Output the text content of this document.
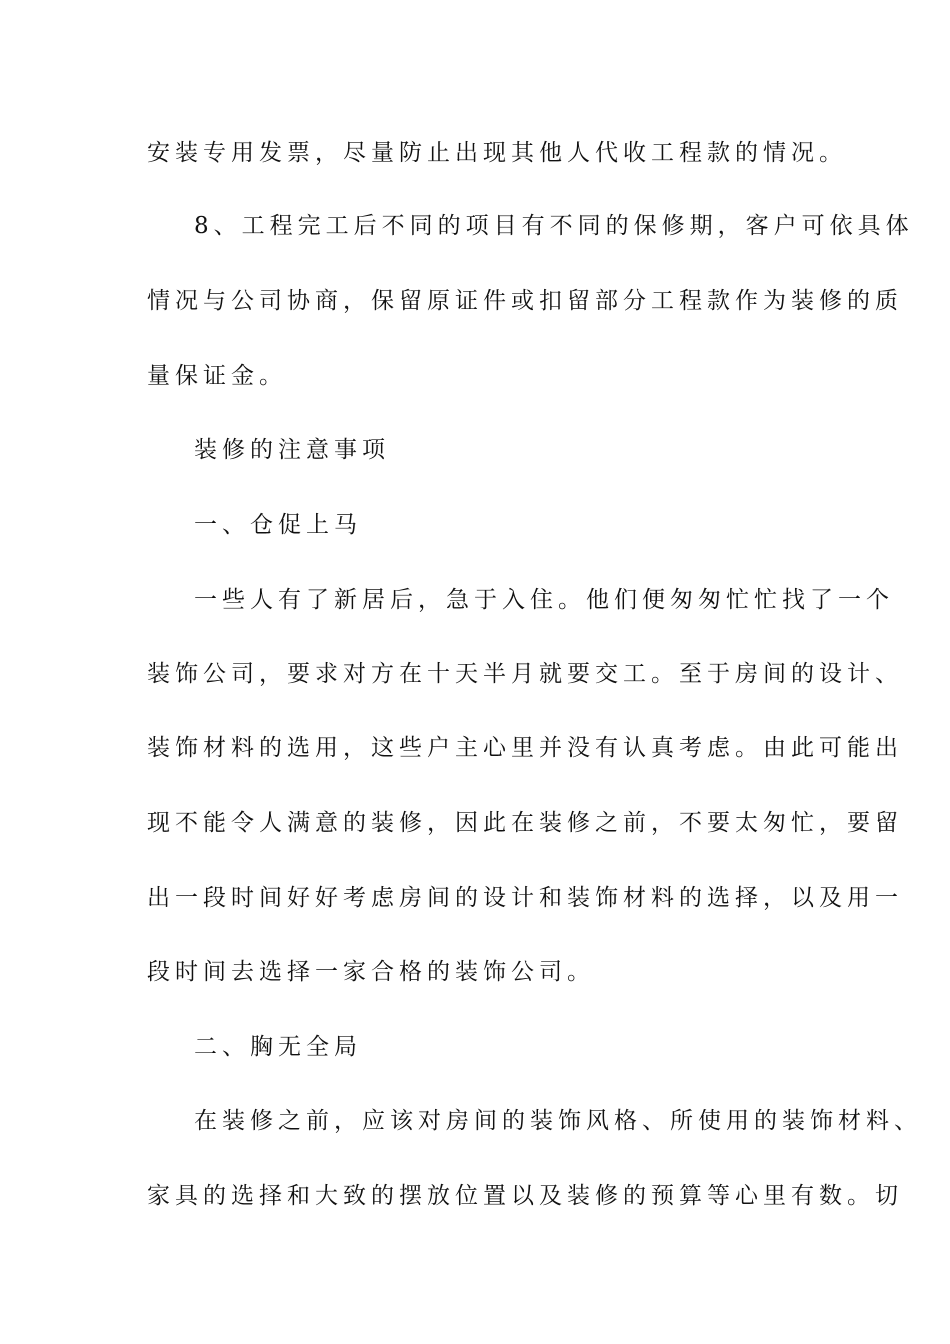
安装专用发票，尽量防止出现其他人代收工程款的情况。
8、工程完工后不同的项目有不同的保修期，客户可依具体
情况与公司协商，保留原证件或扣留部分工程款作为装修的质
量保证金。
装修的注意事项
一、仓促上马
一些人有了新居后，急于入住。他们便匆匆忙忙找了一个
装饰公司，要求对方在十天半月就要交工。至于房间的设计、
装饰材料的选用，这些户主心里并没有认真考虑。由此可能出
现不能令人满意的装修，因此在装修之前，不要太匆忙，要留
出一段时间好好考虑房间的设计和装饰材料的选择，以及用一
段时间去选择一家合格的装饰公司。
二、胸无全局
在装修之前，应该对房间的装饰风格、所使用的装饰材料、
家具的选择和大致的摆放位置以及装修的预算等心里有数。切
